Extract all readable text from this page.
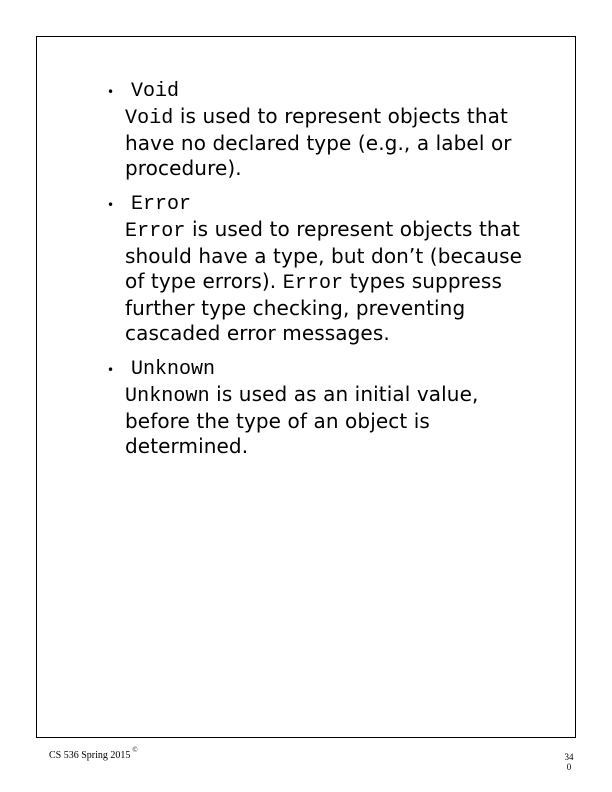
• Void

Void is used to represent objects that have no declared type (e.g., a label or procedure).

• Error

Error is used to represent objects that should have a type, but don’t (because of type errors). Error types suppress further type checking, preventing cascaded error messages.

• Unknown

Unknown is used as an initial value, before the type of an object is determined.

CS 536 Spring 2015 ©
34
0
